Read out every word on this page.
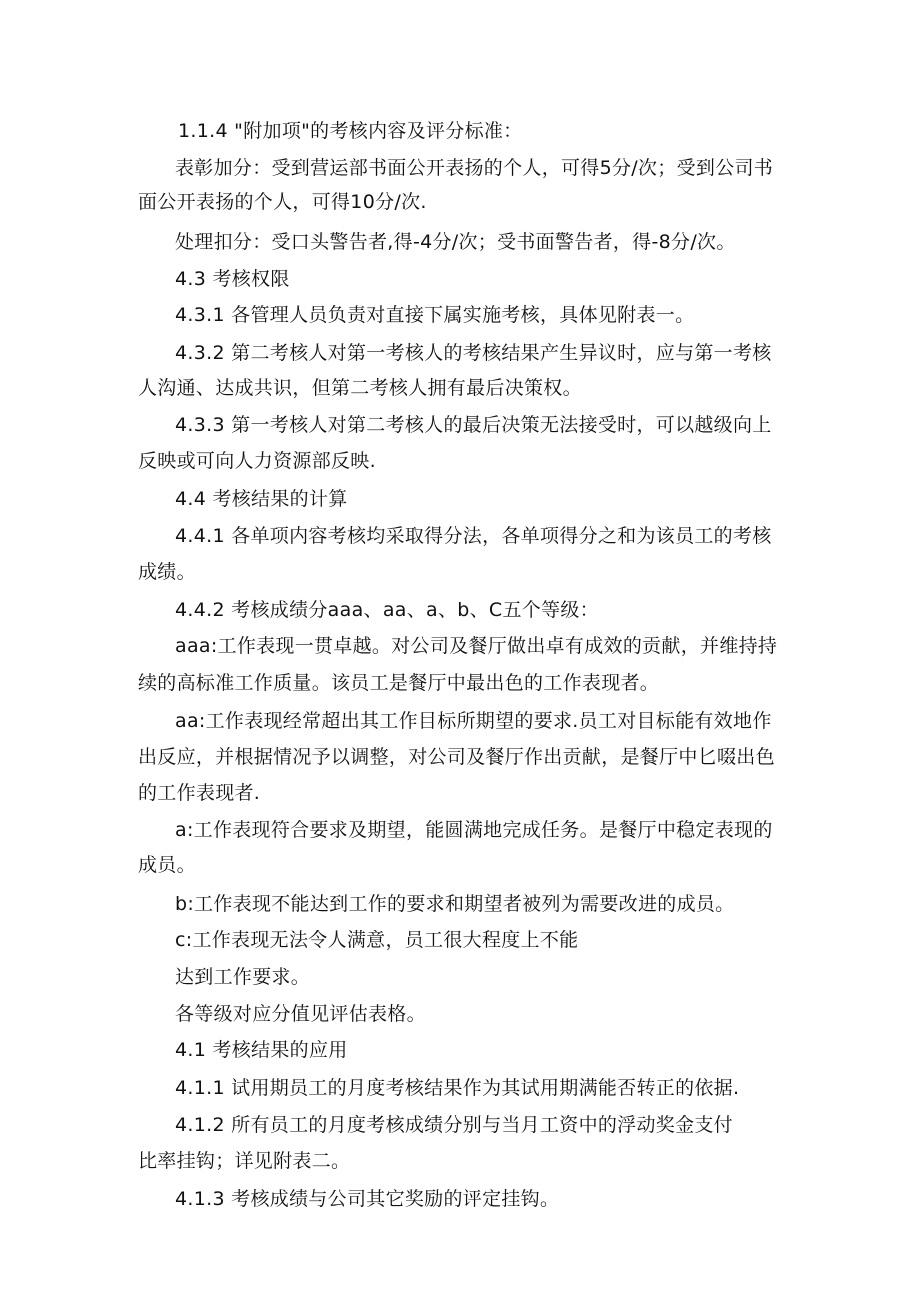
1.1.4 "附加项"的考核内容及评分标准：
表彰加分：受到营运部书面公开表扬的个人，可得5分/次；受到公司书
面公开表扬的个人，可得10分/次.
处理扣分：受口头警告者,得-4分/次；受书面警告者，得-8分/次。
4.3 考核权限
4.3.1 各管理人员负责对直接下属实施考核，具体见附表一。
4.3.2 第二考核人对第一考核人的考核结果产生异议时，应与第一考核
人沟通、达成共识，但第二考核人拥有最后决策权。
4.3.3 第一考核人对第二考核人的最后决策无法接受时，可以越级向上
反映或可向人力资源部反映.
4.4 考核结果的计算
4.4.1 各单项内容考核均采取得分法，各单项得分之和为该员工的考核
成绩。
4.4.2 考核成绩分aaa、aa、a、b、C五个等级：
aaa:工作表现一贯卓越。对公司及餐厅做出卓有成效的贡献，并维持持
续的高标准工作质量。该员工是餐厅中最出色的工作表现者。
aa:工作表现经常超出其工作目标所期望的要求.员工对目标能有效地作
出反应，并根据情况予以调整，对公司及餐厅作出贡献，是餐厅中匕啜出色
的工作表现者.
a:工作表现符合要求及期望，能圆满地完成任务。是餐厅中稳定表现的
成员。
b:工作表现不能达到工作的要求和期望者被列为需要改进的成员。
c:工作表现无法令人满意，员工很大程度上不能
达到工作要求。
各等级对应分值见评估表格。
4.1 考核结果的应用
4.1.1 试用期员工的月度考核结果作为其试用期满能否转正的依据.
4.1.2 所有员工的月度考核成绩分别与当月工资中的浮动奖金支付
比率挂钩；详见附表二。
4.1.3 考核成绩与公司其它奖励的评定挂钩。
